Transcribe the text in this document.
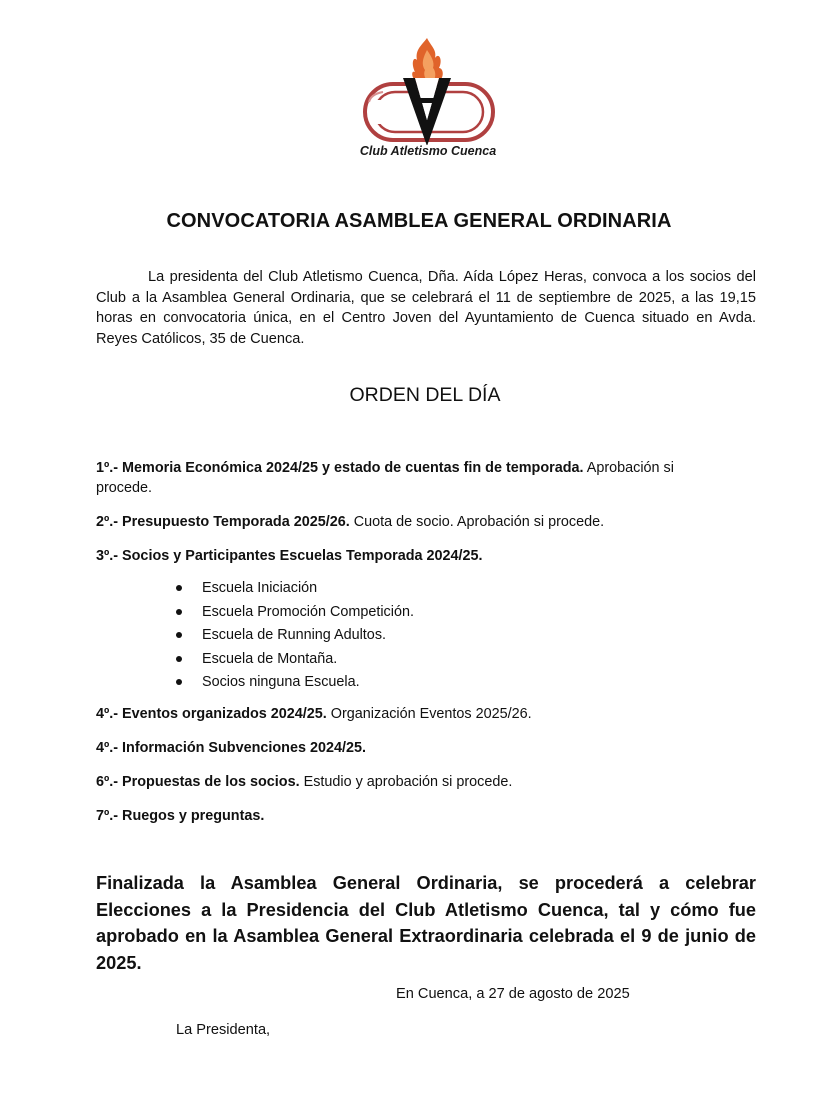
Club Atletismo Cuenca
CONVOCATORIA ASAMBLEA GENERAL ORDINARIA
La presidenta del Club Atletismo Cuenca, Dña. Aída López Heras, convoca a los socios del Club a la Asamblea General Ordinaria, que se celebrará el 11 de septiembre de 2025, a las 19,15 horas en convocatoria única, en el Centro Joven del Ayuntamiento de Cuenca situado en Avda. Reyes Católicos, 35 de Cuenca.
ORDEN DEL DÍA
1º.- Memoria Económica 2024/25 y estado de cuentas fin de temporada. Aprobación si procede.
2º.- Presupuesto Temporada 2025/26. Cuota de socio. Aprobación si procede.
3º.- Socios y Participantes Escuelas Temporada 2024/25.
4º.- Eventos organizados 2024/25. Organización Eventos 2025/26.
4º.- Información Subvenciones 2024/25.
6º.- Propuestas de los socios. Estudio y aprobación si procede.
7º.- Ruegos y preguntas.
Escuela Iniciación
Escuela Promoción Competición.
Escuela de Running Adultos.
Escuela de Montaña.
Socios ninguna Escuela.
Finalizada la Asamblea General Ordinaria, se procederá a celebrar Elecciones a la Presidencia del Club Atletismo Cuenca, tal y cómo fue aprobado en la Asamblea General Extraordinaria celebrada el 9 de junio de 2025.
En Cuenca, a 27 de agosto de 2025
La Presidenta,
